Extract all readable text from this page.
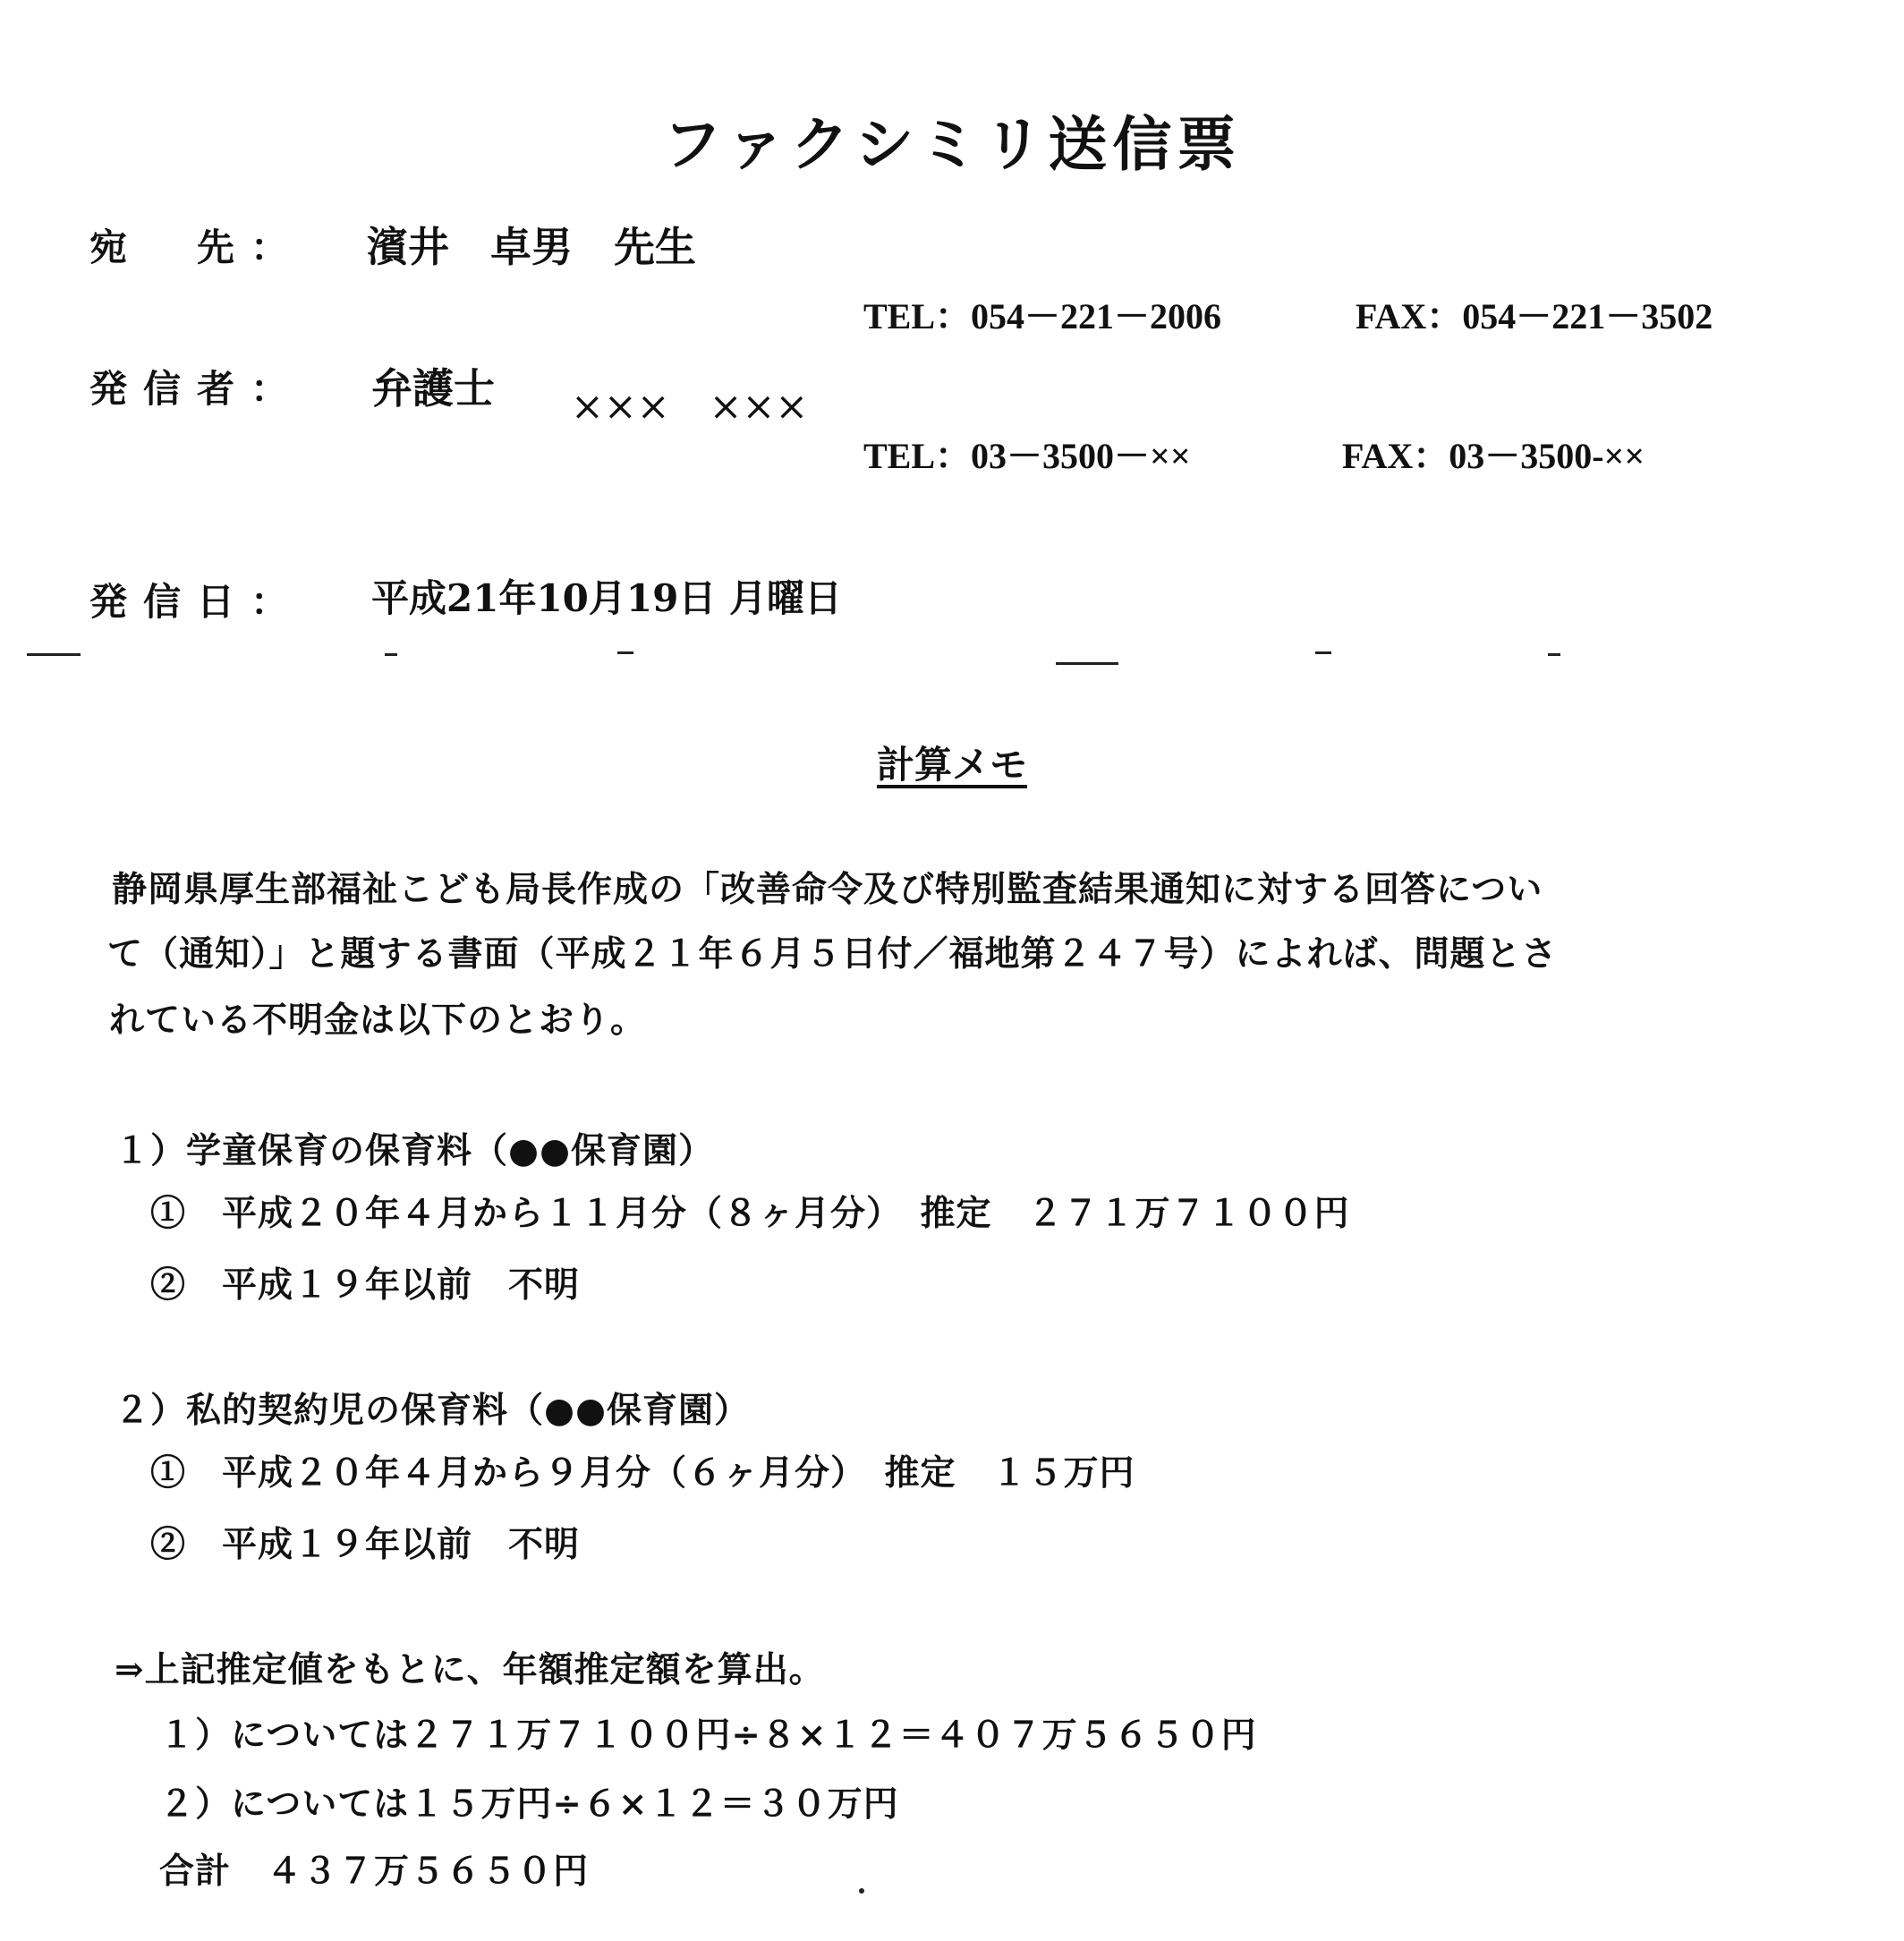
ファクシミリ送信票
宛　先： 濱井　卓男　先生
TEL：054－221－2006	FAX：054－221－3502
発信者： 弁護士 ×××　×××
TEL：03－3500－××	FAX：03－3500-××
発信日： 平成21年10月19日 月曜日
計算メモ
静岡県厚生部福祉こども局長作成の「改善命令及び特別監査結果通知に対する回答につい
て（通知）」と題する書面（平成２１年６月５日付／福地第２４７号）によれば、問題とさ
れている不明金は以下のとおり。
１）学童保育の保育料（●●保育園）
①　平成２０年４月から１１月分（８ヶ月分）　推定　２７１万７１００円
②　平成１９年以前　不明
２）私的契約児の保育料（●●保育園）
①　平成２０年４月から９月分（６ヶ月分）　推定　１５万円
②　平成１９年以前　不明
⇒上記推定値をもとに、年額推定額を算出。
１）については２７１万７１００円÷８×１２＝４０７万５６５０円
２）については１５万円÷６×１２＝３０万円
合計　４３７万５６５０円
